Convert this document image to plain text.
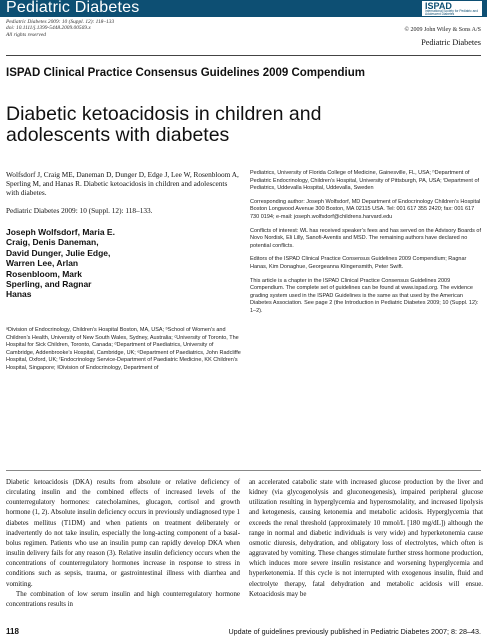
Pediatric Diabetes	ISPAD
International Society for Pediatric and Adolescent Diabetes
Pediatric Diabetes 2009: 10 (Suppl. 12): 118–133
doi: 10.1111/j.1399-5448.2009.00569.x
All rights reserved
© 2009 John Wiley & Sons A/S
Pediatric Diabetes
ISPAD Clinical Practice Consensus Guidelines 2009 Compendium
Diabetic ketoacidosis in children and adolescents with diabetes
Wolfsdorf J, Craig ME, Daneman D, Dunger D, Edge J, Lee W, Rosenbloom A, Sperling M, and Hanas R. Diabetic ketoacidosis in children and adolescents with diabetes.
Pediatric Diabetes 2009: 10 (Suppl. 12): 118–133.
Joseph Wolfsdorf, Maria E. Craig, Denis Daneman, David Dunger, Julie Edge, Warren Lee, Arlan Rosenbloom, Mark Sperling, and Ragnar Hanas
ᵃDivision of Endocrinology, Children’s Hospital Boston, MA, USA; ᵇSchool of Women’s and Children’s Health, University of New South Wales, Sydney, Australia; ᶜUniversity of Toronto, The Hospital for Sick Children, Toronto, Canada; ᵈDepartment of Paediatrics, University of Cambridge, Addenbrooke’s Hospital, Cambridge, UK; ᵉDepartment of Paediatrics, John Radcliffe Hospital, Oxford, UK; ᶠEndocrinology Service-Department of Paediatric Medicine, KK Children’s Hospital, Singapore; ᵍDivision of Endocrinology, Department of
Pediatrics, University of Florida College of Medicine, Gainesville, FL, USA; ʰDepartment of Pediatric Endocrinology, Children’s Hospital, University of Pittsburgh, PA, USA; ⁱDepartment of Pediatrics, Uddevalla Hospital, Uddevalla, Sweden
Corresponding author: Joseph Wolfsdorf, MD Department of Endocrinology Children’s Hospital Boston Longwood Avenue 300 Boston, MA 02115 USA. Tel: 001 617 355 2420; fax: 001 617 730 0194; e-mail: joseph.wolfsdorf@childrens.harvard.edu
Conflicts of interest: WL has received speaker’s fees and has served on the Advisory Boards of Novo Nordisk, Eli Lilly, Sanofi-Aventis and MSD. The remaining authors have declared no potential conflicts.
Editors of the ISPAD Clinical Practice Consensus Guidelines 2009 Compendium; Ragnar Hanas, Kim Donaghue, Georgeanna Klingensmith, Peter Swift.
This article is a chapter in the ISPAD Clinical Practice Consensus Guidelines 2009 Compendium. The complete set of guidelines can be found at www.ispad.org. The evidence grading system used in the ISPAD Guidelines is the same as that used by the American Diabetes Association. See page 2 (the Introduction in Pediatric Diabetes 2009; 10 (Suppl. 12): 1–2).

Diabetic ketoacidosis (DKA) results from absolute or relative deficiency of circulating insulin and the combined effects of increased levels of the counterregulatory hormones: catecholamines, glucagon, cortisol and growth hormone (1, 2). Absolute insulin deficiency occurs in previously undiagnosed type 1 diabetes mellitus (T1DM) and when patients on treatment deliberately or inadvertently do not take insulin, especially the long-acting component of a basal-bolus regimen. Patients who use an insulin pump can rapidly develop DKA when insulin delivery fails for any reason (3). Relative insulin deficiency occurs when the concentrations of counterregulatory hormones increase in response to stress in conditions such as sepsis, trauma, or gastrointestinal illness with diarrhea and vomiting.

The combination of low serum insulin and high counterregulatory hormone concentrations results in

an accelerated catabolic state with increased glucose production by the liver and kidney (via glycogenolysis and gluconeogenesis), impaired peripheral glucose utilization resulting in hyperglycemia and hyperosmolality, and increased lipolysis and ketogenesis, causing ketonemia and metabolic acidosis. Hyperglycemia that exceeds the renal threshold (approximately 10 mmol/L [180 mg/dL]) although the range in normal and diabetic individuals is very wide) and hyperketonemia cause osmotic diuresis, dehydration, and obligatory loss of electrolytes, which often is aggravated by vomiting. These changes stimulate further stress hormone production, which induces more severe insulin resistance and worsening hyperglycemia and hyperketonemia. If this cycle is not interrupted with exogenous insulin, fluid and electrolyte therapy, fatal dehydration and metabolic acidosis will ensue. Ketoacidosis may be

118	Update of guidelines previously published in Pediatric Diabetes 2007; 8: 28–43.
